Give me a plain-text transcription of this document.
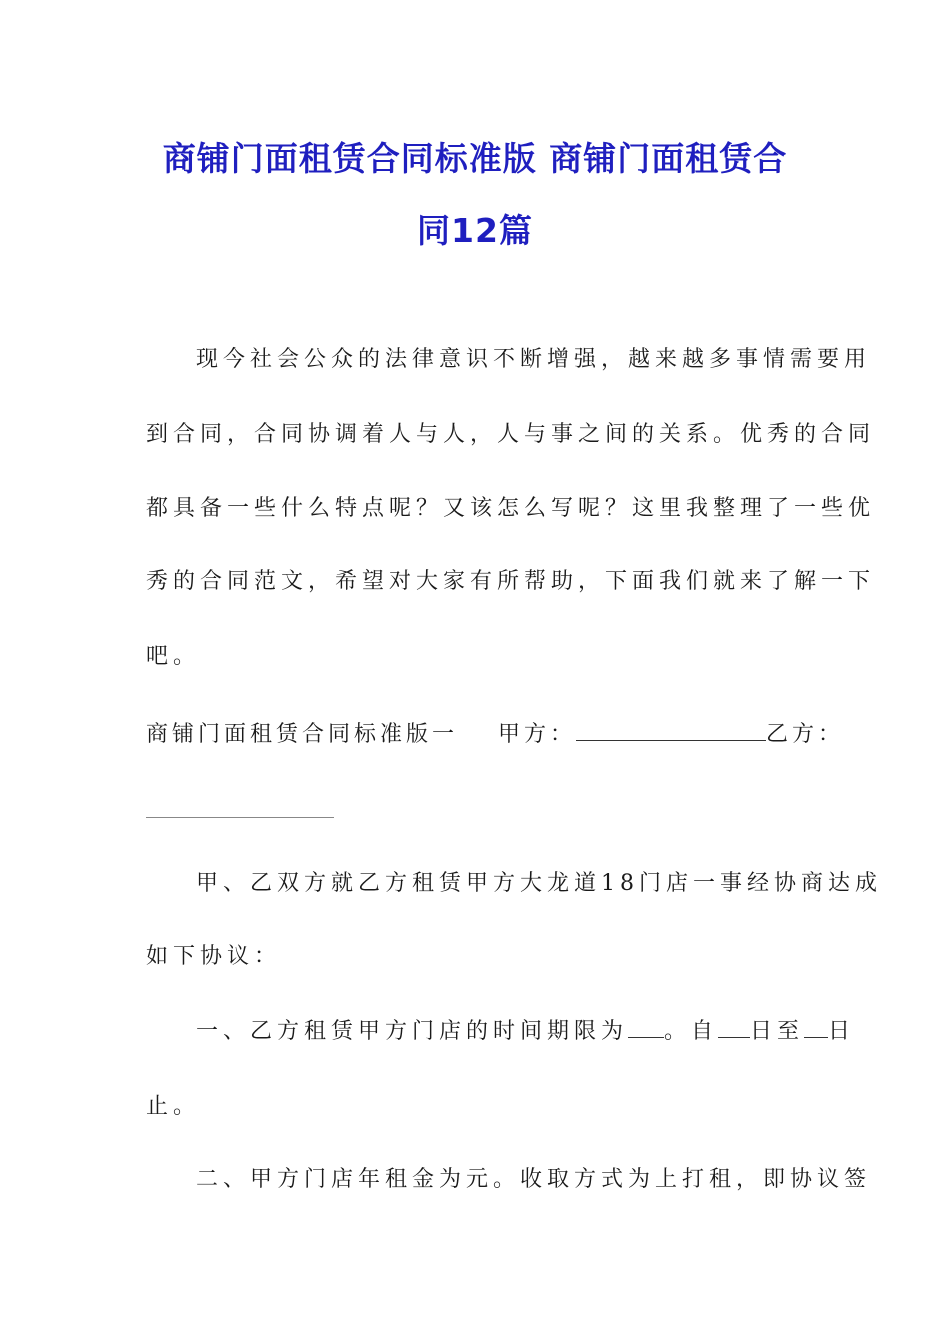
商铺门面租赁合同标准版 商铺门面租赁合
同12篇
现今社会公众的法律意识不断增强，越来越多事情需要用
到合同，合同协调着人与人，人与事之间的关系。优秀的合同
都具备一些什么特点呢？又该怎么写呢？这里我整理了一些优
秀的合同范文，希望对大家有所帮助，下面我们就来了解一下
吧。
商铺门面租赁合同标准版一 甲方：	乙方：
甲、乙双方就乙方租赁甲方大龙道18门店一事经协商达成
如下协议：
一、乙方租赁甲方门店的时间期限为 。自 日至 日
止。
二、甲方门店年租金为元。收取方式为上打租，即协议签
